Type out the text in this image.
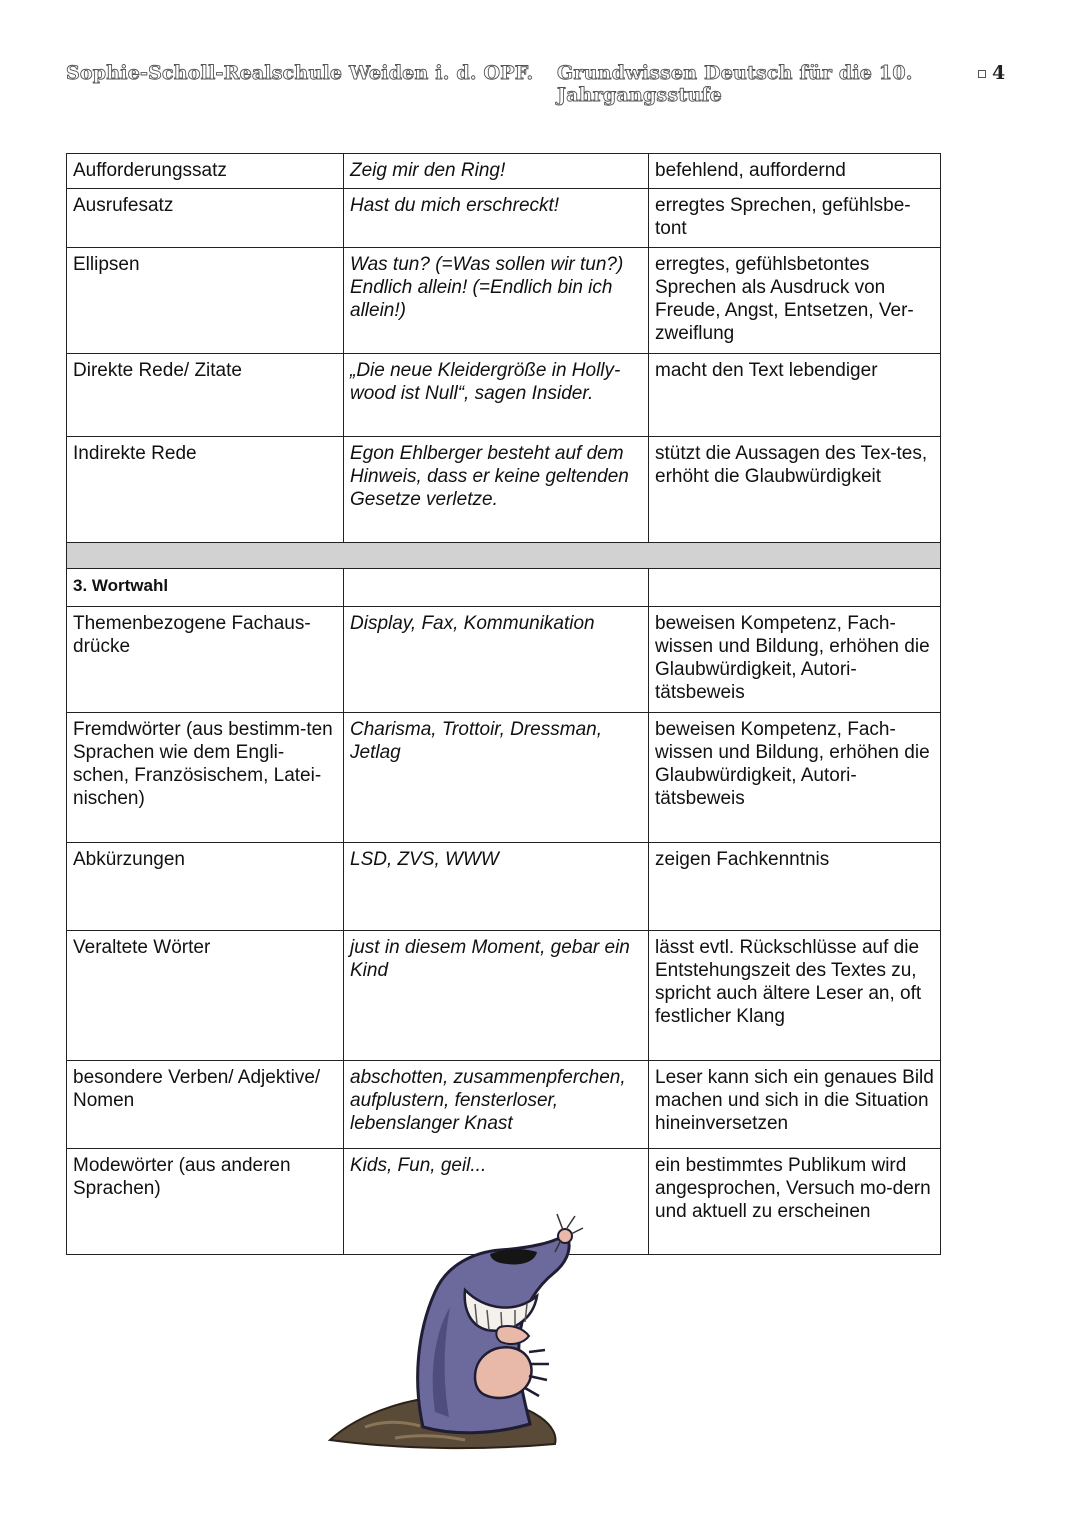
Sophie-Scholl-Realschule Weiden i. d. OPF. Grundwissen Deutsch für die 10. Jahrgangsstufe
4
Aufforderungssatz	Zeig mir den Ring!	befehlend, auffordernd
Ausrufesatz	Hast du mich erschreckt!	erregtes Sprechen, gefühlsbe-tont
Ellipsen	Was tun? (=Was sollen wir tun?) Endlich allein! (=Endlich bin ich allein!)	erregtes, gefühlsbetontes Sprechen als Ausdruck von Freude, Angst, Entsetzen, Ver-zweiflung
Direkte Rede/ Zitate	„Die neue Kleidergröße in Holly-wood ist Null“, sagen Insider.	macht den Text lebendiger
Indirekte Rede	Egon Ehlberger besteht auf dem Hinweis, dass er keine geltenden Gesetze verletze.	stützt die Aussagen des Tex-tes, erhöht die Glaubwürdigkeit

3. Wortwahl		
Themenbezogene Fachaus-drücke	Display, Fax, Kommunikation	beweisen Kompetenz, Fach-wissen und Bildung, erhöhen die Glaubwürdigkeit, Autori-tätsbeweis
Fremdwörter (aus bestimm-ten Sprachen wie dem Engli-schen, Französischem, Latei-nischen)	Charisma, Trottoir, Dressman, Jetlag	beweisen Kompetenz, Fach-wissen und Bildung, erhöhen die Glaubwürdigkeit, Autori-tätsbeweis
Abkürzungen	LSD, ZVS, WWW	zeigen Fachkenntnis
Veraltete Wörter	just in diesem Moment, gebar ein Kind	lässt evtl. Rückschlüsse auf die Entstehungszeit des Textes zu, spricht auch ältere Leser an, oft festlicher Klang
besondere Verben/ Adjektive/ Nomen	abschotten, zusammenpferchen, aufplustern, fensterloser, lebenslanger Knast	Leser kann sich ein genaues Bild machen und sich in die Situation hineinversetzen
Modewörter (aus anderen Sprachen)	Kids, Fun, geil...	ein bestimmtes Publikum wird angesprochen, Versuch mo-dern und aktuell zu erscheinen
